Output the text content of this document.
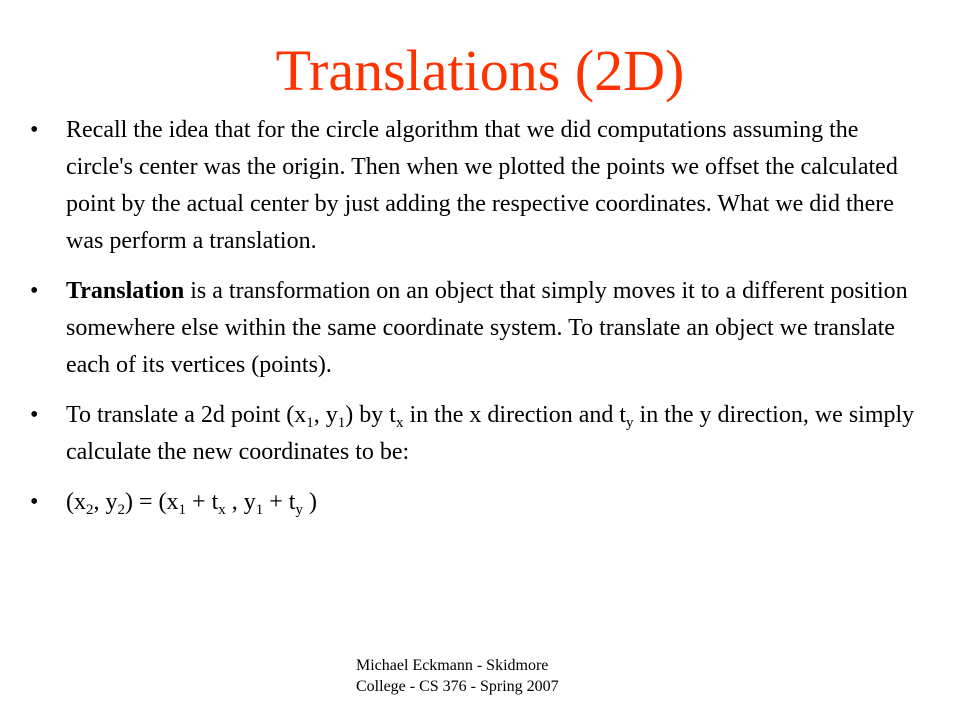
Translations (2D)
• Recall the idea that for the circle algorithm that we did computations assuming the circle's center was the origin. Then when we plotted the points we offset the calculated point by the actual center by just adding the respective coordinates. What we did there was perform a translation.
• Translation is a transformation on an object that simply moves it to a different position somewhere else within the same coordinate system. To translate an object we translate each of its vertices (points).
• To translate a 2d point ($x_1$, $y_1$) by $t_x$ in the x direction and $t_y$ in the y direction, we simply calculate the new coordinates to be:
• ($x_2$, $y_2) = (x_1 + t_x$ , $y_1 + t_y$ )
Michael Eckmann - Skidmore
College - CS 376 - Spring 2007
